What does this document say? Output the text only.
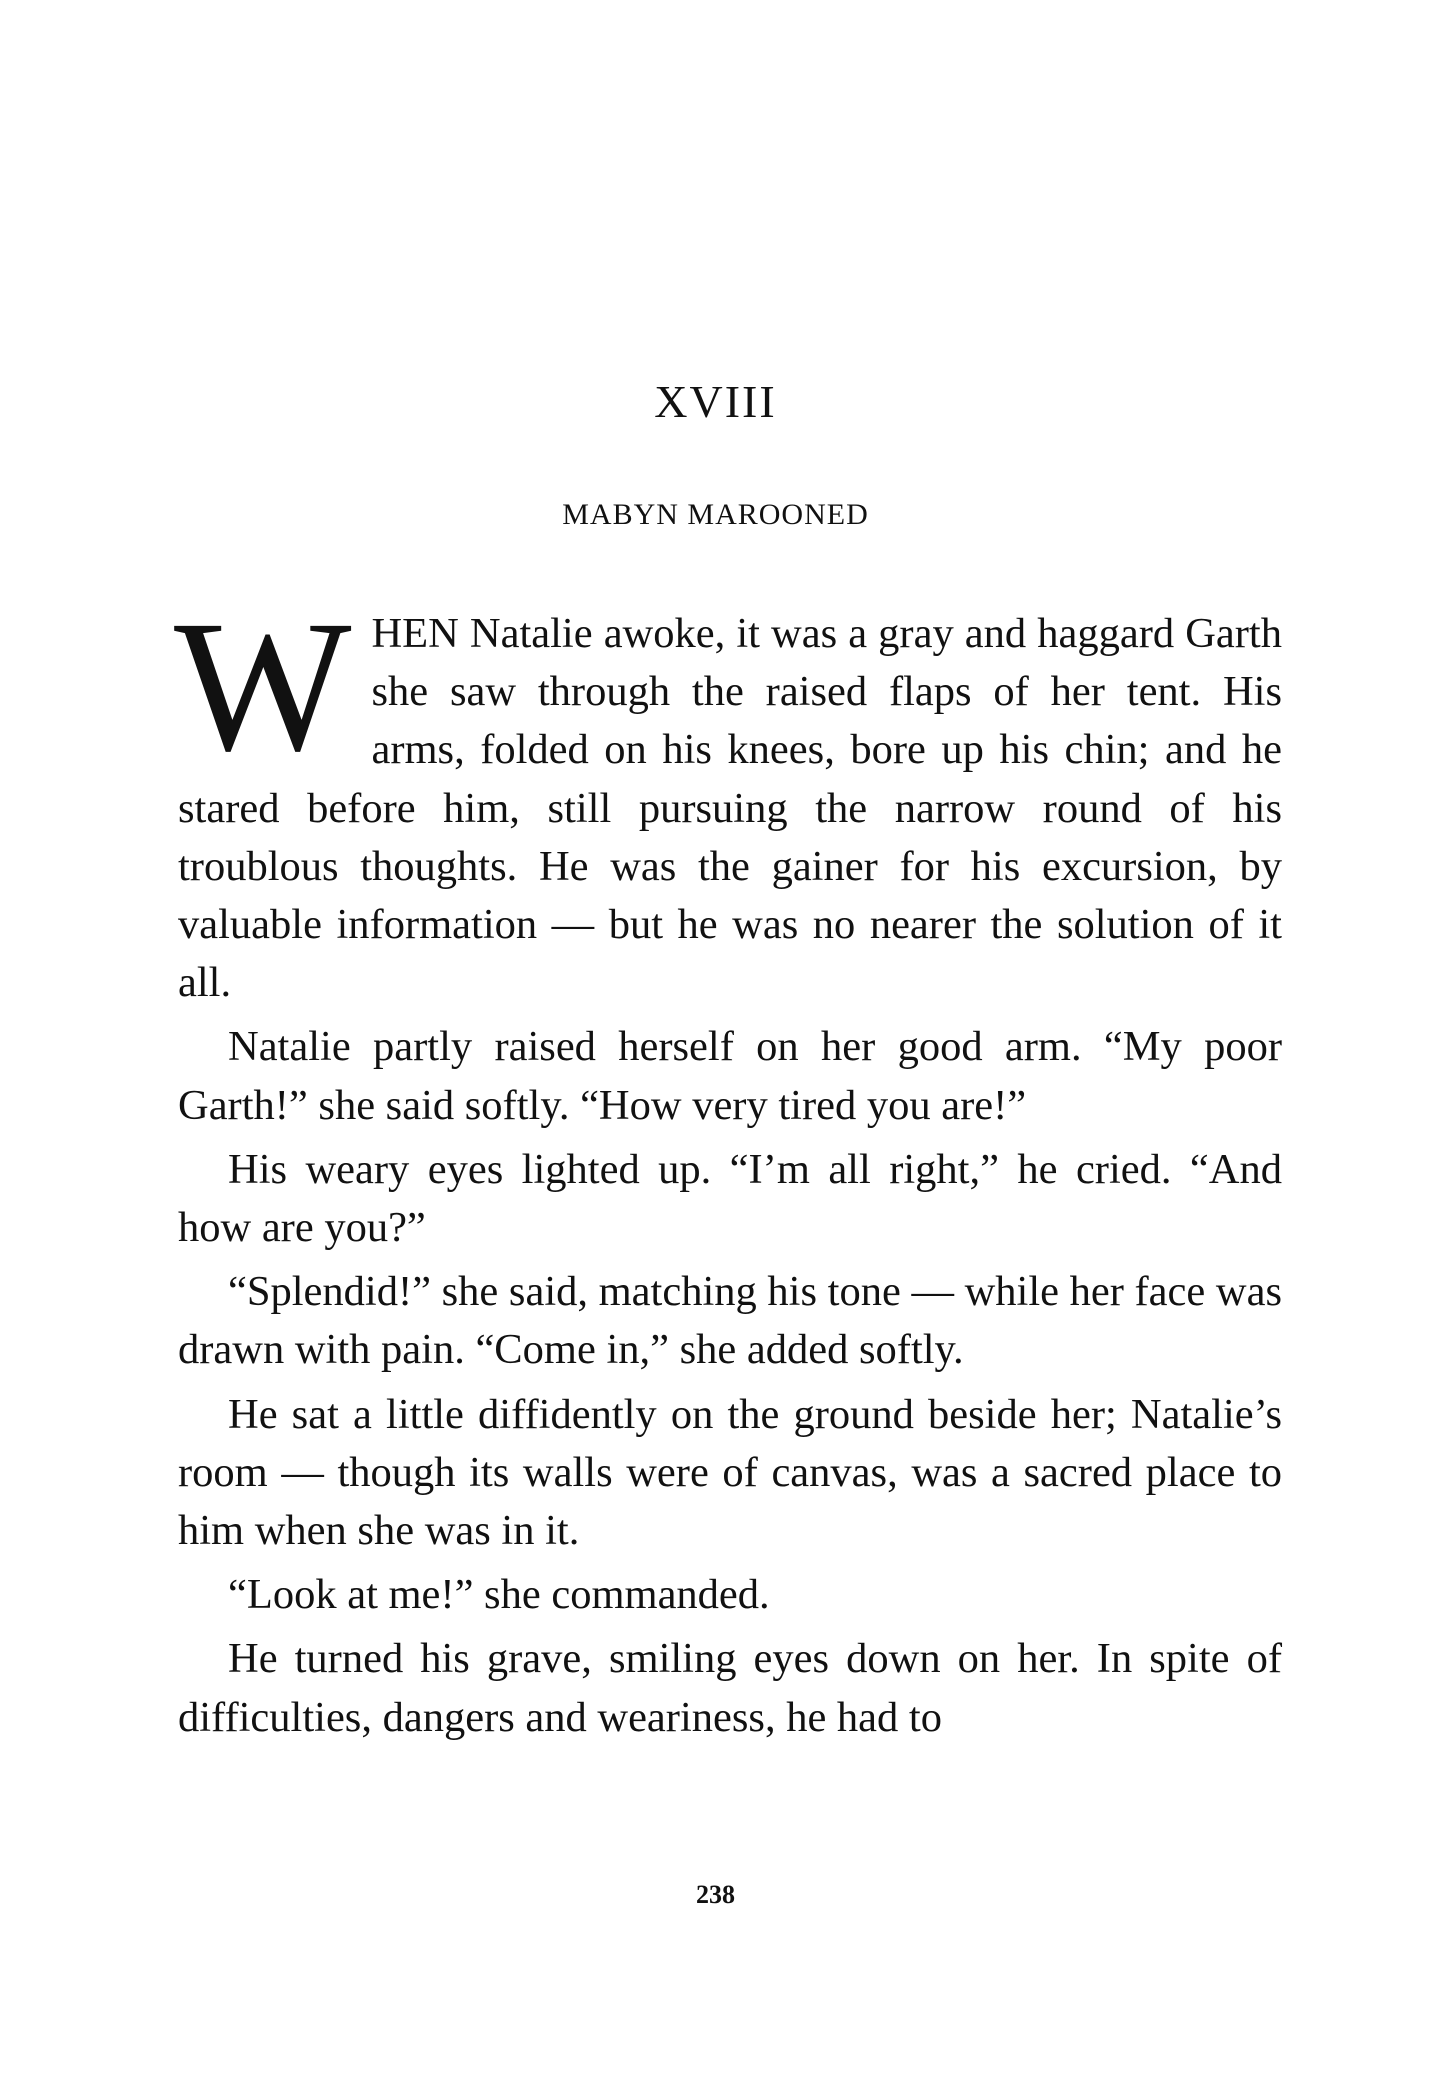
XVIII
MABYN MAROONED

WHEN Natalie awoke, it was a gray and haggard Garth she saw through the raised flaps of her tent. His arms, folded on his knees, bore up his chin; and he stared before him, still pursuing the narrow round of his troublous thoughts. He was the gainer for his excursion, by valuable information — but he was no nearer the solution of it all.

Natalie partly raised herself on her good arm. “My poor Garth!” she said softly. “How very tired you are!”

His weary eyes lighted up. “I’m all right,” he cried. “And how are you?”

“Splendid!” she said, matching his tone — while her face was drawn with pain. “Come in,” she added softly.

He sat a little diffidently on the ground beside her; Natalie’s room — though its walls were of canvas, was a sacred place to him when she was in it.

“Look at me!” she commanded.

He turned his grave, smiling eyes down on her. In spite of difficulties, dangers and weariness, he had to

238
